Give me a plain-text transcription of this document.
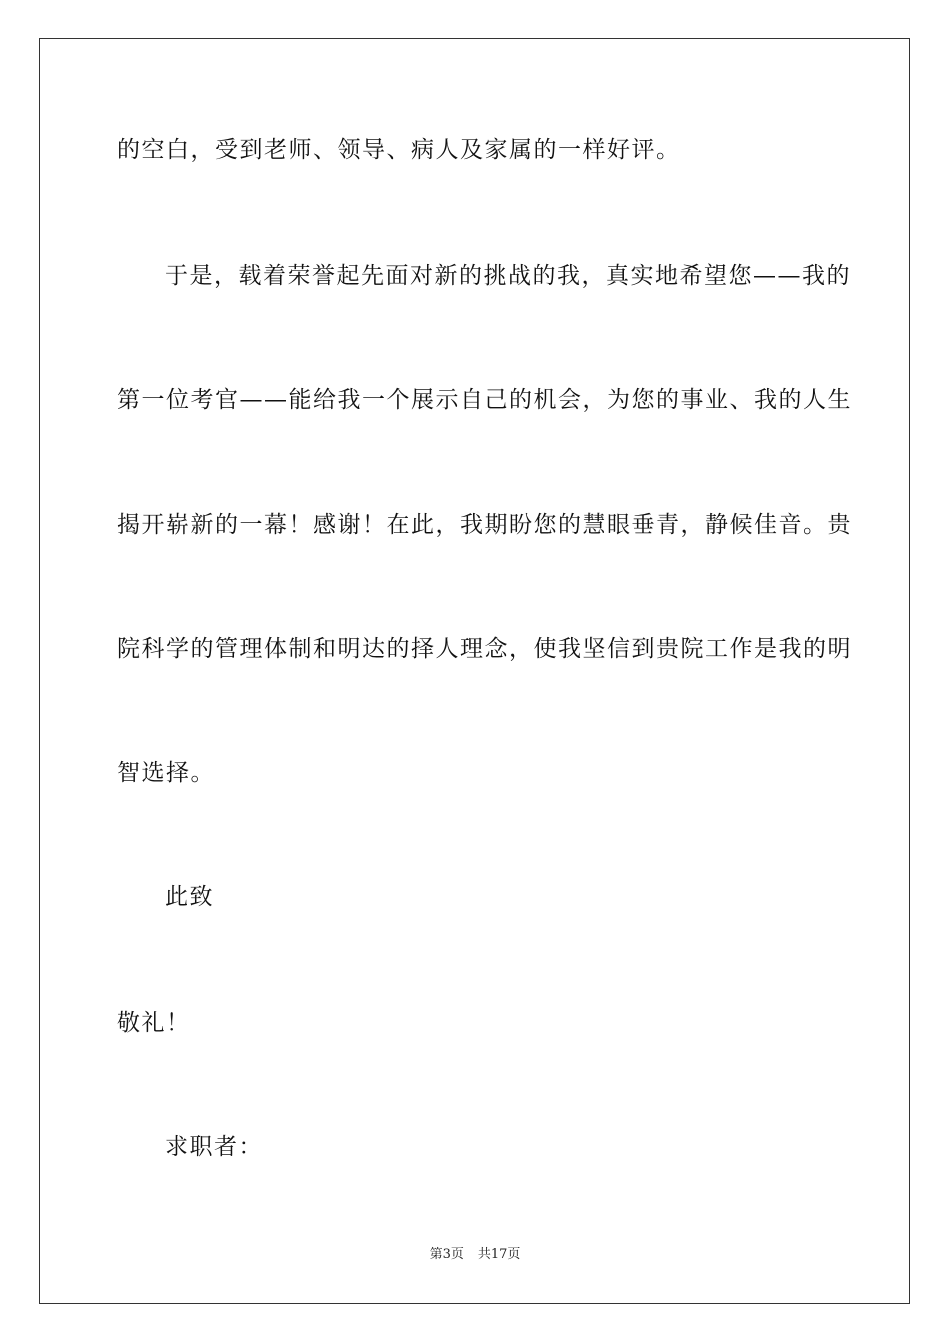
的空白，受到老师、领导、病人及家属的一样好评。
于是，载着荣誉起先面对新的挑战的我，真实地希望您——我的
第一位考官——能给我一个展示自己的机会，为您的事业、我的人生
揭开崭新的一幕！感谢！在此，我期盼您的慧眼垂青，静候佳音。贵
院科学的管理体制和明达的择人理念，使我坚信到贵院工作是我的明
智选择。
此致
敬礼！
求职者：
第3页 共17页
